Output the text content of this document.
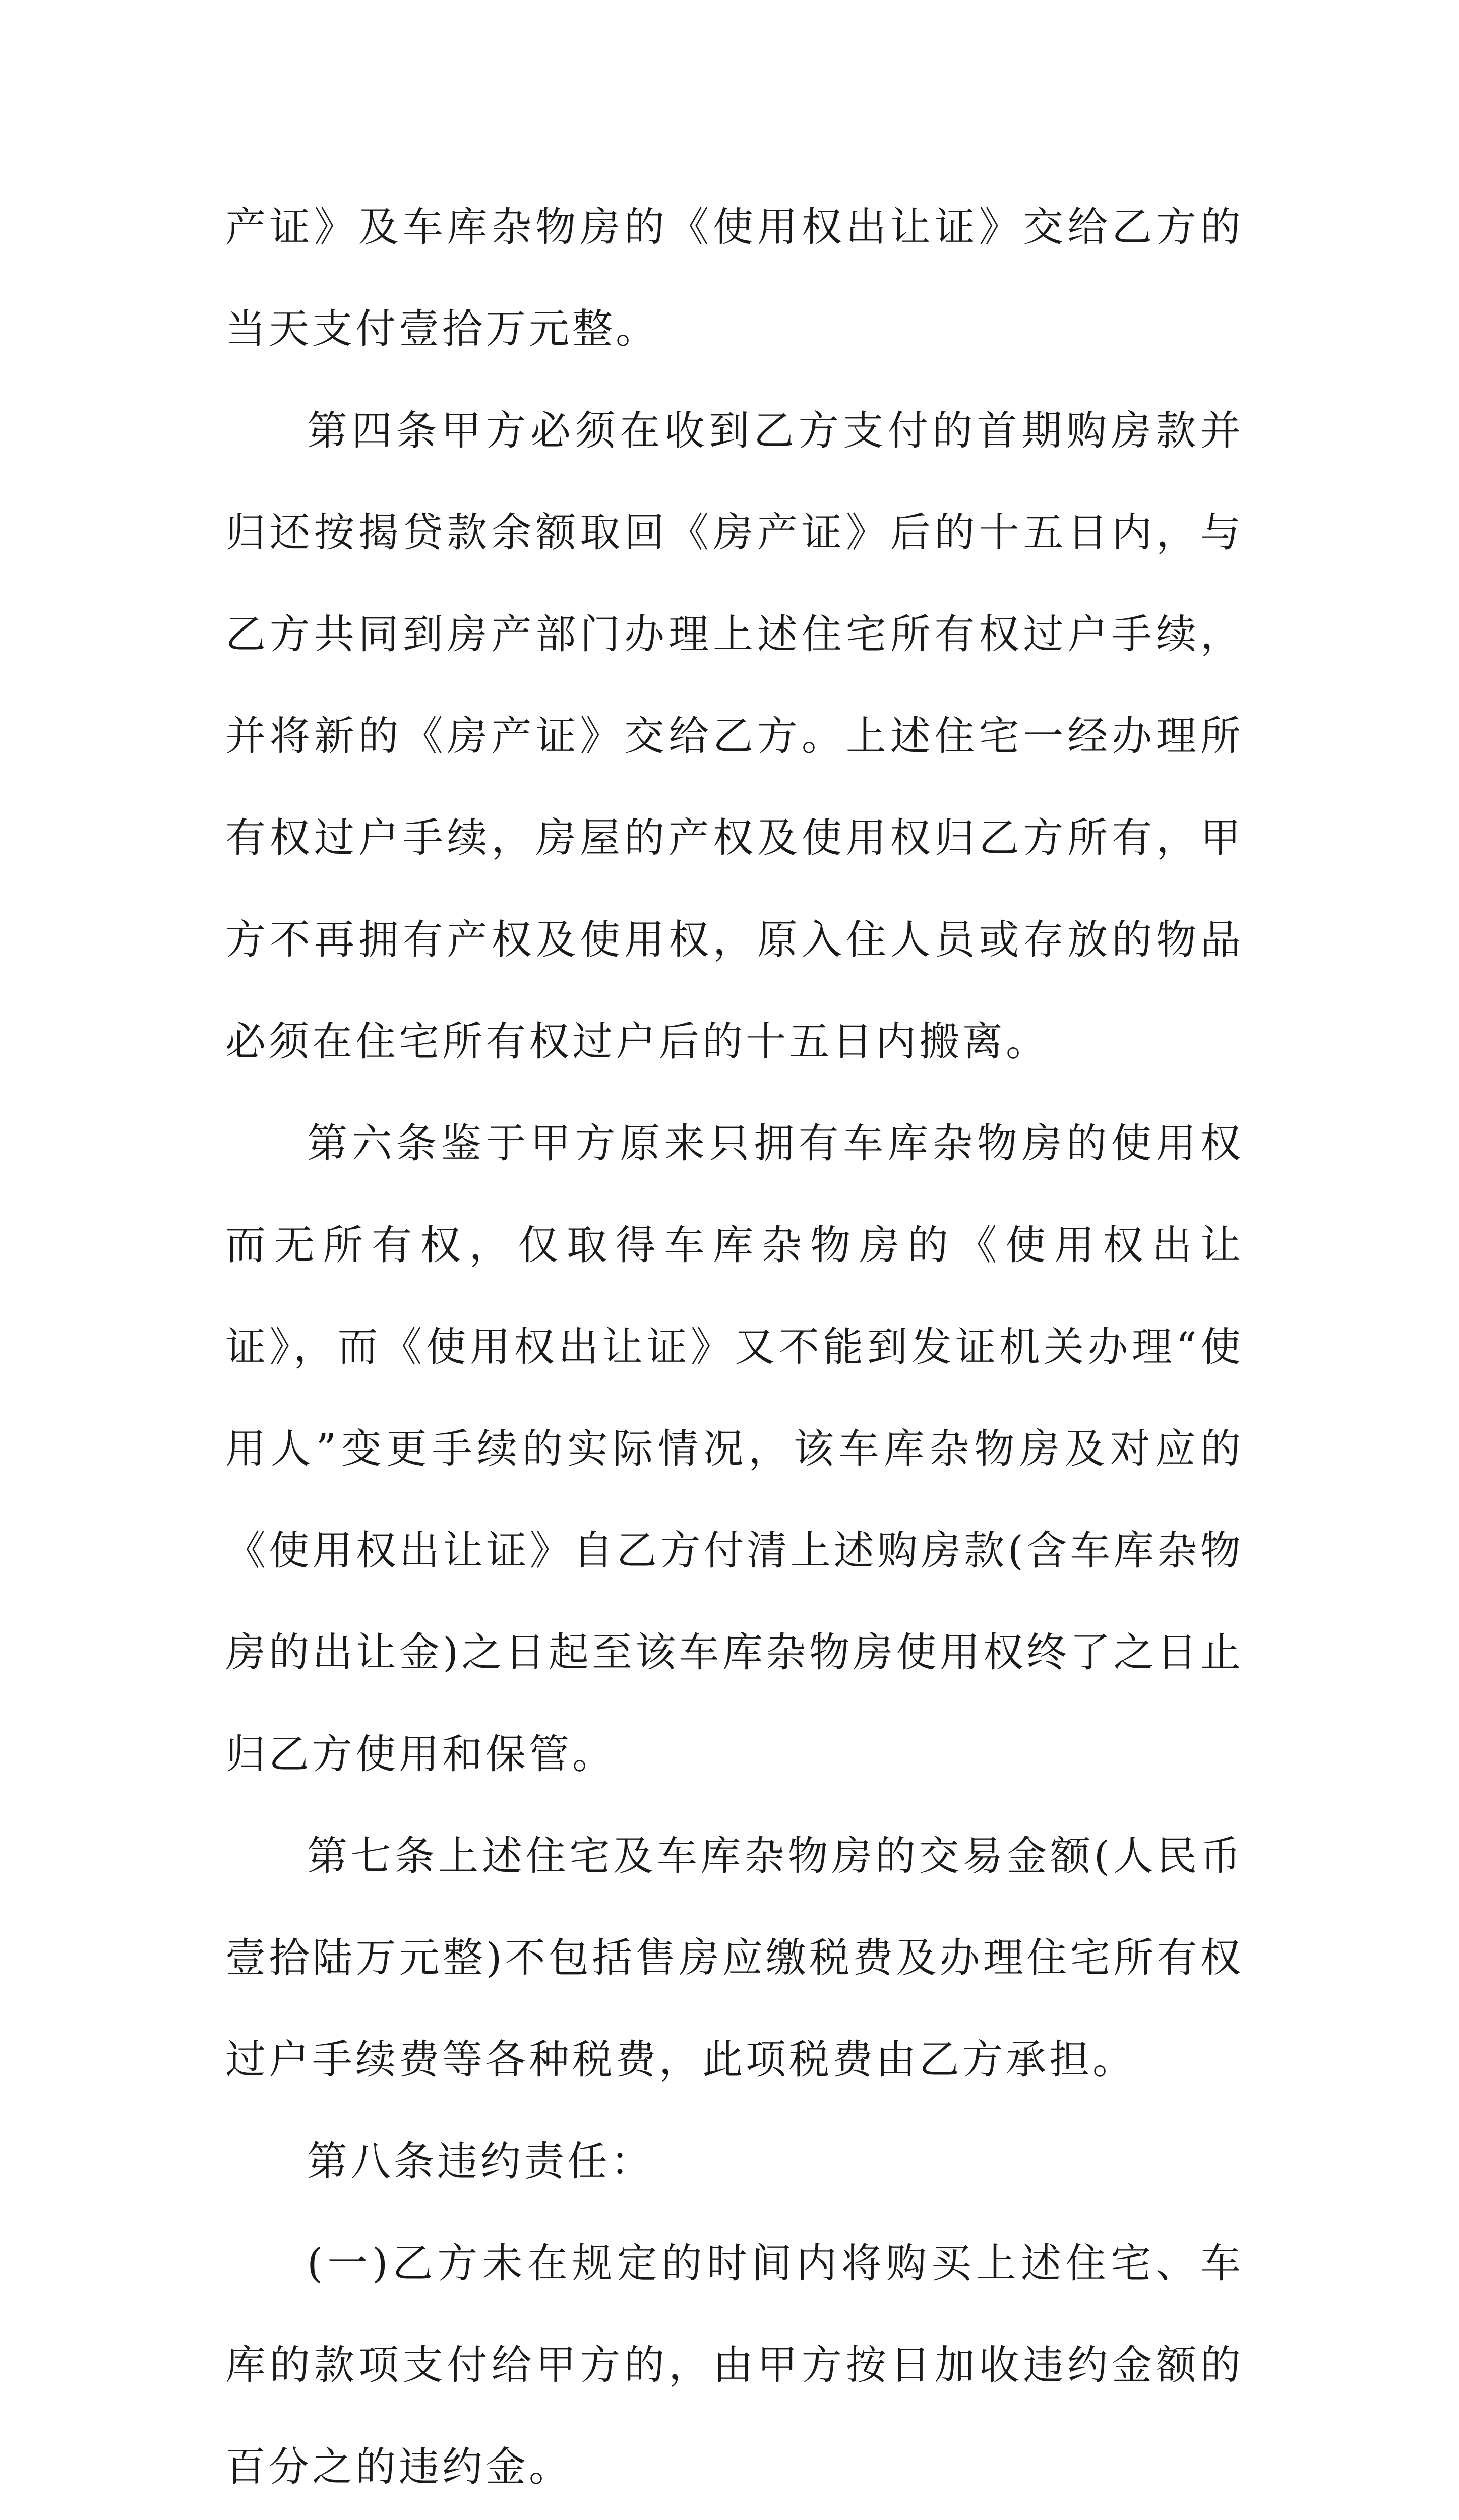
产证》及车库杂物房的《使用权出让证》交给乙方的当天支付壹拾万元整。

第四条甲方必须在收到乙方支付的首期购房款并归还按揭贷款余额取回《房产证》后的十五日内，与乙方共同到房产部门办理上述住宅所有权过户手续，并将新的《房产证》交给乙方。上述住宅一经办理所有权过户手续，房屋的产权及使用权归乙方所有，甲方不再拥有产权及使用权，原入住人员或存放的物品必须在住宅所有权过户后的十五日内搬离。

第六条鉴于甲方原来只拥有车库杂物房的使用权而无所有权，仅取得车库杂物房的《使用权出让证》，而《使用权出让证》又不能到发证机关办理“使用人”变更手续的实际情况，该车库杂物房及对应的《使用权出让证》自乙方付清上述购房款(含车库杂物房的出让金)之日起至该车库杂物房使用权终了之日止归乙方使用和保管。

第七条上述住宅及车库杂物房的交易金额(人民币壹拾陆万元整)不包括售房应缴税费及办理住宅所有权过户手续费等各种税费，此项税费由乙方承担。

第八条违约责任：

(一)乙方未在规定的时间内将购买上述住宅、车库的款项支付给甲方的，由甲方按日加收违约金额的百分之的违约金。
